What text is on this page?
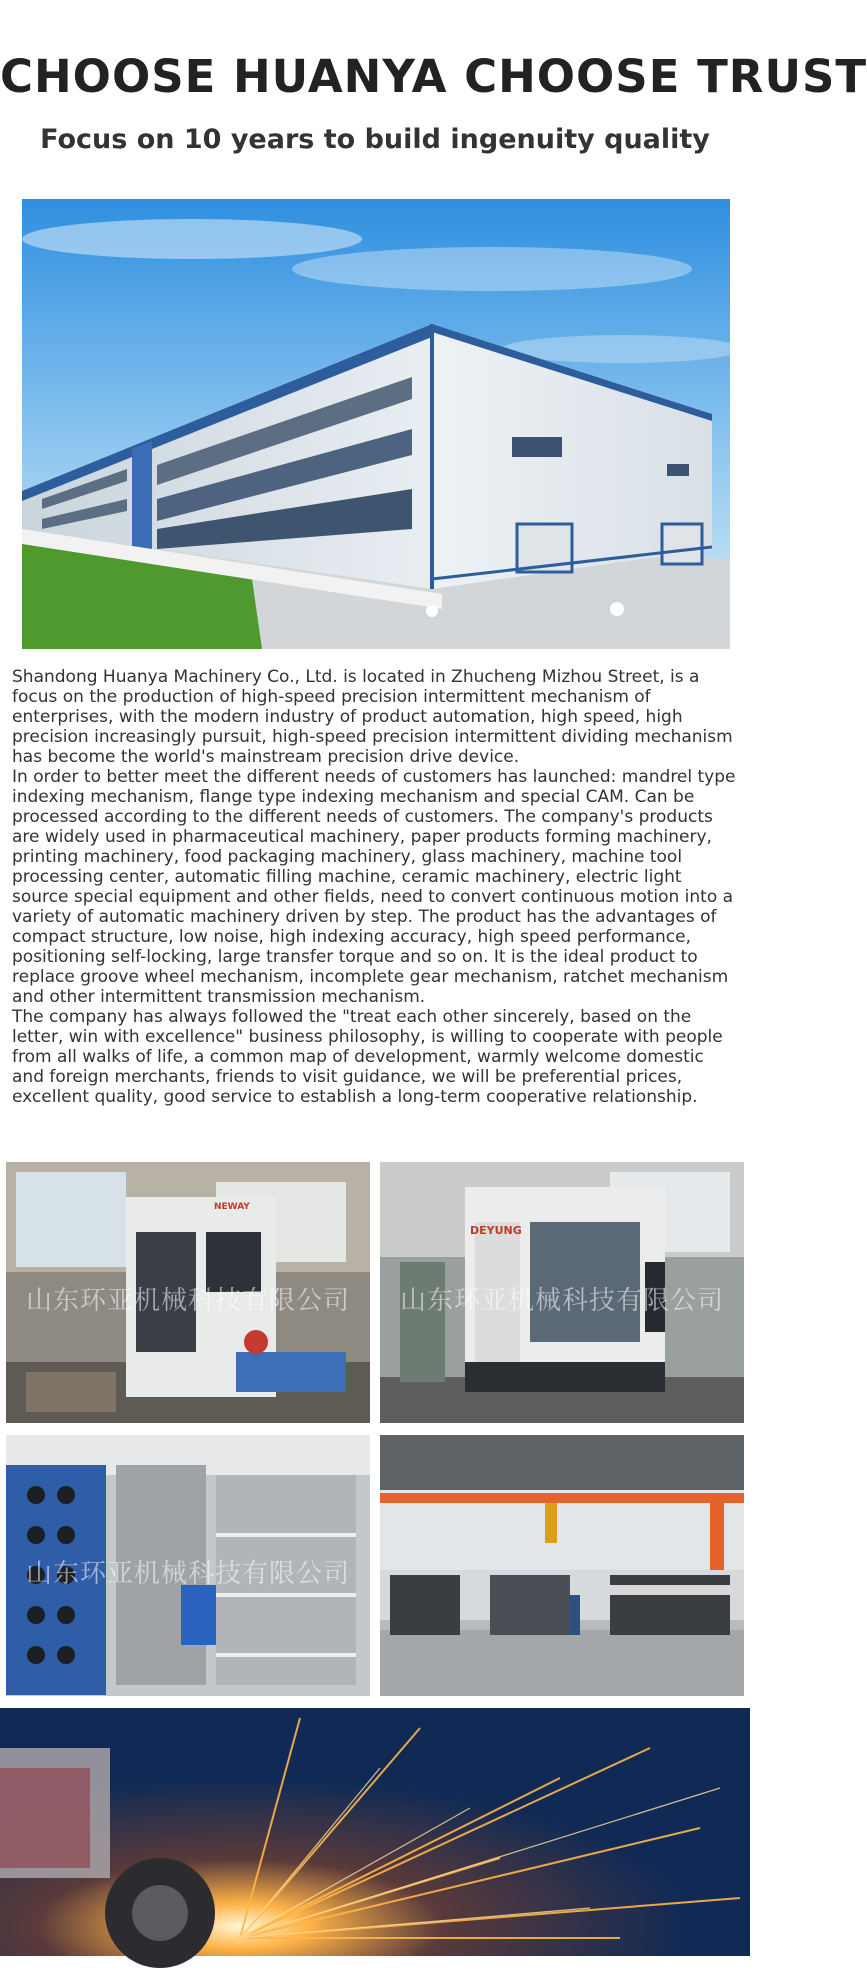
CHOOSE HUANYA CHOOSE TRUST
Focus on 10 years to build ingenuity quality

Shandong Huanya Machinery Co., Ltd. is located in Zhucheng Mizhou Street, is a focus on the production of high-speed precision intermittent mechanism of enterprises, with the modern industry of product automation, high speed, high precision increasingly pursuit, high-speed precision intermittent dividing mechanism has become the world's mainstream precision drive device.

In order to better meet the different needs of customers has launched: mandrel type indexing mechanism, flange type indexing mechanism and special CAM. Can be processed according to the different needs of customers. The company's products are widely used in pharmaceutical machinery, paper products forming machinery, printing machinery, food packaging machinery, glass machinery, machine tool processing center, automatic filling machine, ceramic machinery, electric light source special equipment and other fields, need to convert continuous motion into a variety of automatic machinery driven by step. The product has the advantages of compact structure, low noise, high indexing accuracy, high speed performance, positioning self-locking, large transfer torque and so on. It is the ideal product to replace groove wheel mechanism, incomplete gear mechanism, ratchet mechanism and other intermittent transmission mechanism.

The company has always followed the "treat each other sincerely, based on the letter, win with excellence" business philosophy, is willing to cooperate with people from all walks of life, a common map of development, warmly welcome domestic and foreign merchants, friends to visit guidance, we will be preferential prices, excellent quality, good service to establish a long-term cooperative relationship.

山东环亚机械科技有限公司
NEWAY
山东环亚机械科技有限公司
DEYUNG
山东环亚机械科技有限公司
